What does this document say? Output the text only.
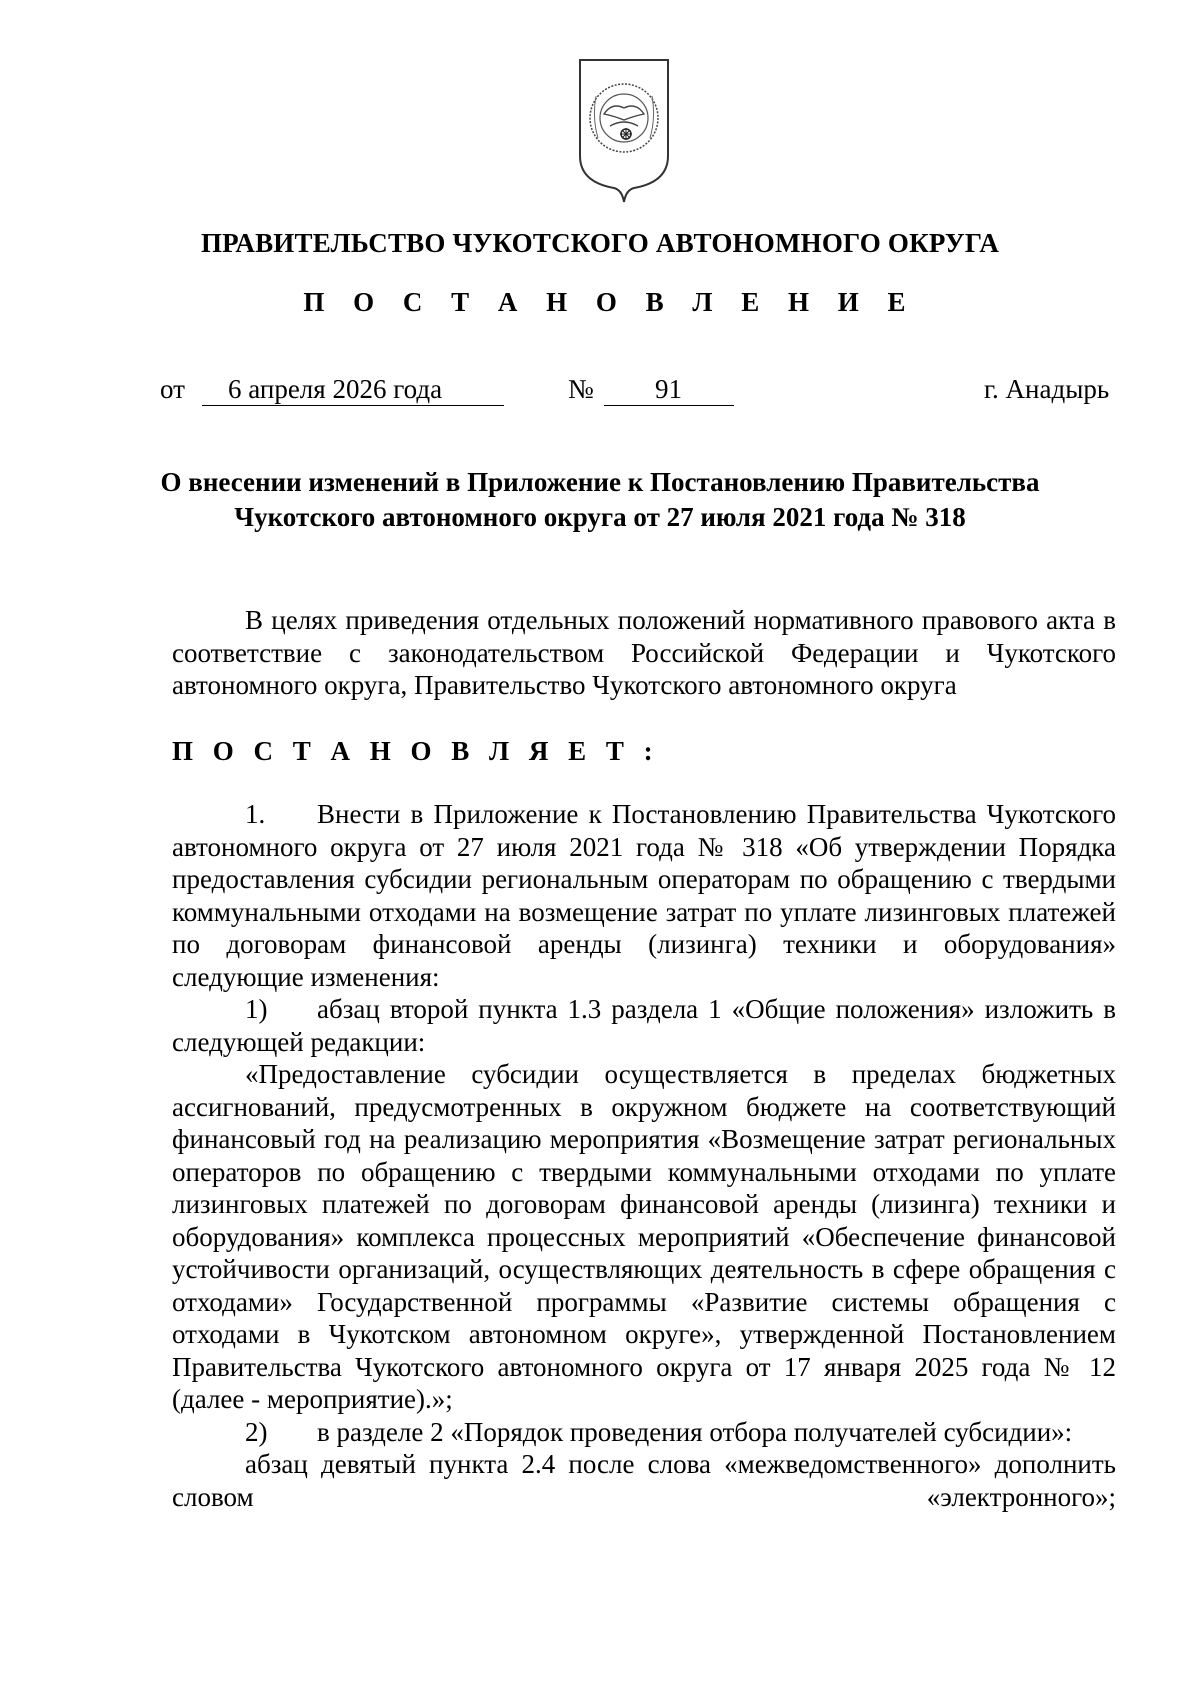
ПРАВИТЕЛЬСТВО ЧУКОТСКОГО АВТОНОМНОГО ОКРУГА
П О С Т А Н О В Л Е Н И Е
от 6 апреля 2026 года	№ 91	г. Анадырь
О внесении изменений в Приложение к Постановлению Правительства
Чукотского автономного округа от 27 июля 2021 года № 318

В целях приведения отдельных положений нормативного правового акта в соответствие с законодательством Российской Федерации и Чукотского автономного округа, Правительство Чукотского автономного округа

П О С Т А Н О В Л Я Е Т :

1. Внести в Приложение к Постановлению Правительства Чукотского автономного округа от 27 июля 2021 года № 318 «Об утверждении Порядка предоставления субсидии региональным операторам по обращению с твердыми коммунальными отходами на возмещение затрат по уплате лизинговых платежей по договорам финансовой аренды (лизинга) техники и оборудования» следующие изменения:

1) абзац второй пункта 1.3 раздела 1 «Общие положения» изложить в следующей редакции:

«Предоставление субсидии осуществляется в пределах бюджетных ассигнований, предусмотренных в окружном бюджете на соответствующий финансовый год на реализацию мероприятия «Возмещение затрат региональных операторов по обращению с твердыми коммунальными отходами по уплате лизинговых платежей по договорам финансовой аренды (лизинга) техники и оборудования» комплекса процессных мероприятий «Обеспечение финансовой устойчивости организаций, осуществляющих деятельность в сфере обращения с отходами» Государственной программы «Развитие системы обращения с отходами в Чукотском автономном округе», утвержденной Постановлением Правительства Чукотского автономного округа от 17 января 2025 года № 12 (далее - мероприятие).»;

2) в разделе 2 «Порядок проведения отбора получателей субсидии»:

абзац девятый пункта 2.4 после слова «межведомственного» дополнить словом «электронного»;
